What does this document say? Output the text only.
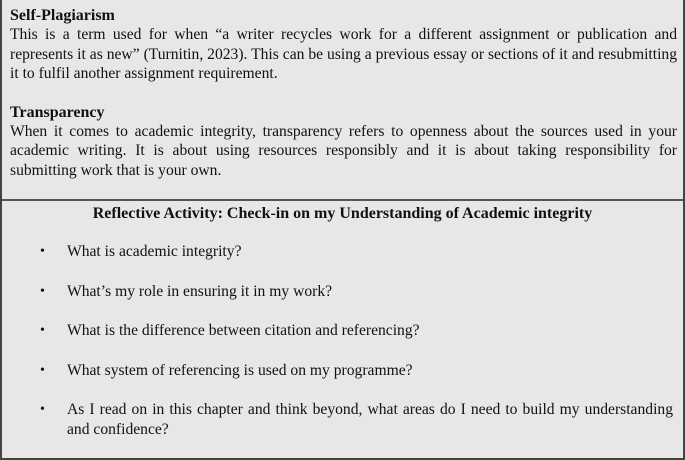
Self-Plagiarism

This is a term used for when “a writer recycles work for a different assignment or publication and represents it as new” (Turnitin, 2023). This can be using a previous essay or sections of it and resubmitting it to fulfil another assignment requirement.

Transparency

When it comes to academic integrity, transparency refers to openness about the sources used in your academic writing. It is about using resources responsibly and it is about taking responsibility for submitting work that is your own.

Reflective Activity: Check-in on my Understanding of Academic integrity

• What is academic integrity?
• What’s my role in ensuring it in my work?
• What is the difference between citation and referencing?
• What system of referencing is used on my programme?
• As I read on in this chapter and think beyond, what areas do I need to build my understanding and confidence?
